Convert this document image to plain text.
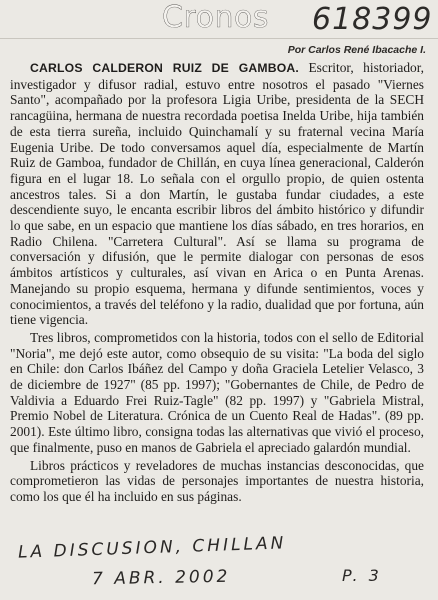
Cronos 618399
Por Carlos René Ibacache I.

CARLOS CALDERON RUIZ DE GAMBOA. Escritor, historiador, investigador y difusor radial, estuvo entre nosotros el pasado "Viernes Santo", acompañado por la profesora Ligia Uribe, presidenta de la SECH rancagüina, hermana de nuestra recordada poetisa Inelda Uribe, hija también de esta tierra sureña, incluido Quinchamalí y su fraternal vecina María Eugenia Uribe. De todo conversamos aquel día, especialmente de Martín Ruiz de Gamboa, fundador de Chillán, en cuya línea generacional, Calderón figura en el lugar 18. Lo señala con el orgullo propio, de quien ostenta ancestros tales. Si a don Martín, le gustaba fundar ciudades, a este descendiente suyo, le encanta escribir libros del ámbito histórico y difundir lo que sabe, en un espacio que mantiene los días sábado, en tres horarios, en Radio Chilena. "Carretera Cultural". Así se llama su programa de conversación y difusión, que le permite dialogar con personas de esos ámbitos artísticos y culturales, así vivan en Arica o en Punta Arenas. Manejando su propio esquema, hermana y difunde sentimientos, voces y conocimientos, a través del teléfono y la radio, dualidad que por fortuna, aún tiene vigencia.

Tres libros, comprometidos con la historia, todos con el sello de Editorial "Noria", me dejó este autor, como obsequio de su visita: "La boda del siglo en Chile: don Carlos Ibáñez del Campo y doña Graciela Letelier Velasco, 3 de diciembre de 1927" (85 pp. 1997); "Gobernantes de Chile, de Pedro de Valdivia a Eduardo Frei Ruiz-Tagle" (82 pp. 1997) y "Gabriela Mistral, Premio Nobel de Literatura. Crónica de un Cuento Real de Hadas". (89 pp. 2001). Este último libro, consigna todas las alternativas que vivió el proceso, que finalmente, puso en manos de Gabriela el apreciado galardón mundial.

Libros prácticos y reveladores de muchas instancias desconocidas, que comprometieron las vidas de personajes importantes de nuestra historia, como los que él ha incluido en sus páginas.

LA DISCUSION, CHILLAN
7 ABR. 2002	P. 3
